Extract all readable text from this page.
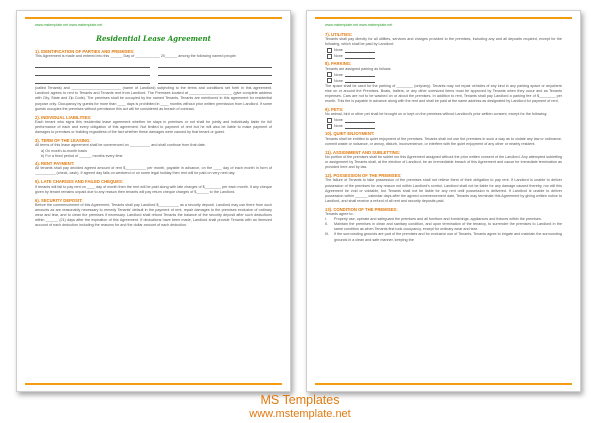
www.mstemplate.net www.mstemplate.net
Residential Lease Agreement
1). IDENTIFICATION OF PARTIES AND PREMISES:
This Agreement is made and entered into this ______ Day of ____________ 20______ among the following named people:
(called Tenants) and ________________________ (name of Landlord) subjecting to the terms and conditions set forth in this agreement. Landlord agrees to rent to Tenants and Tenants rent from Landlord. The Premises located at _____________________ (give complete address with City, State and Zip Code). The premises shall be occupied by the named Tenants, Tenants are mentioned in this agreement for residential purpose only. Occupancy by guests for more than ____ days is prohibited in ____ months without prior written permission from Landlord. If some guests occupies the premises without permission this act will be considered as breach of contract.
2). INDIVIDUAL LIABILITIES:
Each tenant who signs this residential lease agreement whether he stays in premises or not shall be jointly and individually liable for full performance of each and every obligation of this agreement. Not limited to payment of rent but he will also be liable to make payment of damages to premises or building regardless of the fact whether these damages were caused by that tenant or guest.
3). TERM OF THE LEASING:
All terms of this lease agreement shall be commenced on __________ and shall continue from that date.
a) On month-to-month basis
b) For a fixed period of ______ months every time
4). RENT PAYMENT:
All tenants shall pay decided agreed amount of rent $__________ per month, payable in advance, on the ____ day of each month in form of __________ (check, cash). If agreed day falls on weekend or on some legal holiday then rent will be paid on very next day.
5). LATE CHARGES AND FAILED CHEQUES:
If tenants will fail to pay rent on ____ day of month then the rent will be paid along with late charges of $________ per each month. If any cheque given by tenant remains unpaid due to any reason then tenants will pay return cheque charges of $______ to the Landlord.
6). SECURITY DEPOSIT:
Before the commencement of this Agreement, Tenants shall pay Landlord $__________ as a security deposit. Landlord may use there from such amounts as are reasonably necessary to remedy Tenants' default in the payment of rent, repair damages to the premises exclusive of ordinary wear and tear, and to clean the premises if necessary. Landlord shall refund Tenants the balance of the security deposit after such deductions within ______ (21) days after the expiration of this Agreement. If deductions have been made, Landlord shall provide Tenants with an itemized account of each deduction including the reasons for and the dollar amount of each deduction.
www.mstemplate.net www.mstemplate.net
7). UTILITIES:
Tenants shall pay directly for all utilities, services and charges provided to the premises, including any and all deposits required, except for the following, which shall be paid by Landlord:
None
None
8). PARKING:
Tenants are assigned parking as follows:
None
None
The space shall be used for the parking of ________ (only/any). Tenants may not repair vehicles of any kind in any parking space or anywhere else on or around the Premises. Boats, trailers, or any other oversized items must be approved by Tenants when they occur and as Tenants expenses. Cars are not to be washed on or about the premises. In addition to rent, Tenants shall pay Landlord a parking fee of $________ per month. This fee is payable in advance along with the rent and shall be paid at the same address as designated by Landlord for payment of rent.
9). PETS:
No animal, bird or other pet shall be brought on or kept on the premises without Landlord's prior written consent, except for the following:
None
None
10). QUIET ENJOYMENT:
Tenants shall be entitled to quiet enjoyment of the premises. Tenants shall not use the premises in such a way as to violate any law or ordinance, commit waste or nuisance, or annoy, disturb, inconvenience, or interfere with the quiet enjoyment of any other or nearby resident.
11). ASSIGNMENT AND SUBLETTING:
No portion of the premises shall be sublet nor this Agreement assigned without the prior written consent of the Landlord. Any attempted subletting or assignment by Tenants shall, at the election of Landlord, be an irremediable breach of this Agreement and cause for immediate termination as provided here and by law.
12). POSSESSION OF THE PREMISES:
The failure of Tenants to take possession of the premises shall not relieve them of their obligation to pay rent. If Landlord is unable to deliver possession of the premises for any reason not within Landlord's control, Landlord shall not be liable for any damage caused thereby, nor will this Agreement be void or voidable, but Tenants shall not be liable for any rent until possession is delivered. If Landlord is unable to deliver possession within ______ calendar days after the agreed commencement date, Tenants may terminate this Agreement by giving written notice to Landlord, and shall receive a refund of all rent and security deposits paid.
13). CONDITION OF THE PREMISES:
Tenants agree to:
I.	Properly use, operate and safeguard the premises and all furniture and furnishings, appliances and fixtures within the premises.
II.	Maintain the premises in clean and sanitary condition, and upon termination of the tenancy, to surrender the premises to Landlord in the same condition as when Tenants first took occupancy, except for ordinary wear and tear.
III.	If the surrounding grounds are part of the premises and for exclusive use of Tenants, Tenants agree to irrigate and maintain the surrounding grounds in a clean and safe manner, keeping the
MS Templates
www.mstemplate.net
